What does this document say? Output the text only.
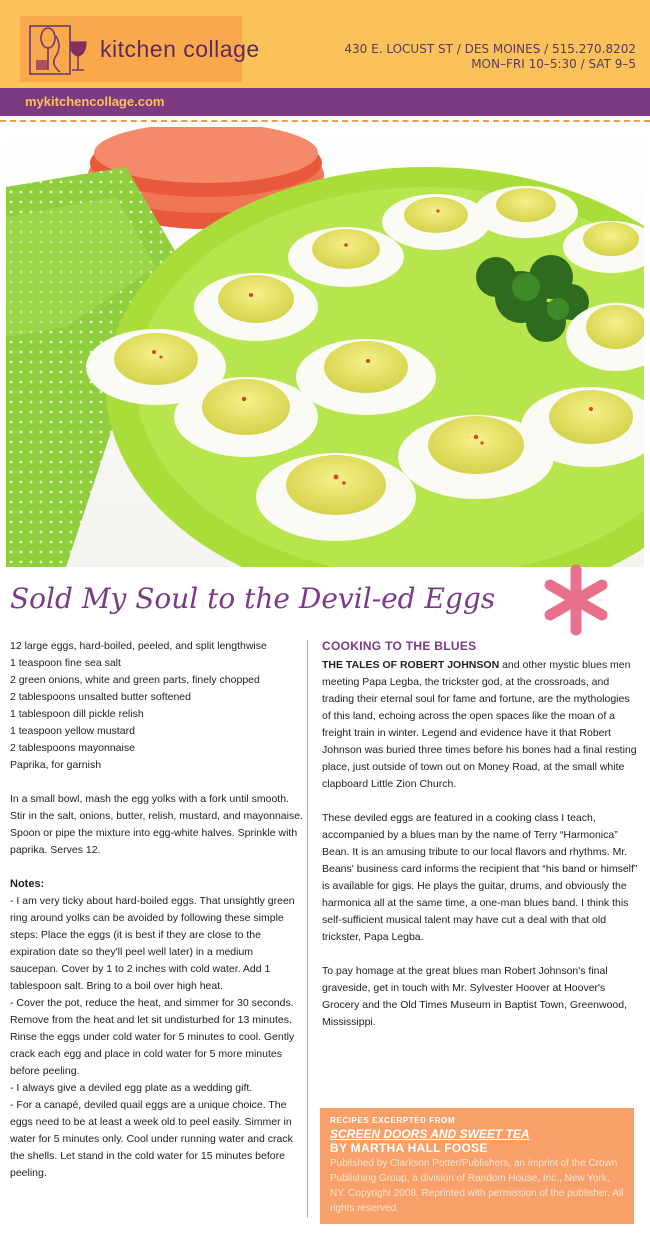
kitchen collage	430 E. LOCUST ST / DES MOINES / 515.270.8202
MON–FRI 10–5:30 / SAT 9–5
mykitchencollage.com
Sold My Soul to the Devil-ed Eggs

12 large eggs, hard-boiled, peeled, and split lengthwise

1 teaspoon fine sea salt

2 green onions, white and green parts, finely chopped

2 tablespoons unsalted butter softened

1 tablespoon dill pickle relish

1 teaspoon yellow mustard

2 tablespoons mayonnaise

Paprika, for garnish

In a small bowl, mash the egg yolks with a fork until smooth. Stir in the salt, onions, butter, relish, mustard, and mayonnaise. Spoon or pipe the mixture into egg-white halves. Sprinkle with paprika. Serves 12.

Notes:

- I am very ticky about hard-boiled eggs. That unsightly green ring around yolks can be avoided by following these simple steps: Place the eggs (it is best if they are close to the expiration date so they'll peel well later) in a medium saucepan. Cover by 1 to 2 inches with cold water. Add 1 tablespoon salt. Bring to a boil over high heat.

- Cover the pot, reduce the heat, and simmer for 30 seconds. Remove from the heat and let sit undisturbed for 13 minutes. Rinse the eggs under cold water for 5 minutes to cool. Gently crack each egg and place in cold water for 5 more minutes before peeling.

- I always give a deviled egg plate as a wedding gift.

- For a canapé, deviled quail eggs are a unique choice. The eggs need to be at least a week old to peel easily. Simmer in water for 5 minutes only. Cool under running water and crack the shells. Let stand in the cold water for 15 minutes before peeling.

COOKING TO THE BLUES

THE TALES OF ROBERT JOHNSON and other mystic blues men meeting Papa Legba, the trickster god, at the crossroads, and trading their eternal soul for fame and fortune, are the mythologies of this land, echoing across the open spaces like the moan of a freight train in winter. Legend and evidence have it that Robert Johnson was buried three times before his bones had a final resting place, just outside of town out on Money Road, at the small white clapboard Little Zion Church.

These deviled eggs are featured in a cooking class I teach, accompanied by a blues man by the name of Terry “Harmonica” Bean. It is an amusing tribute to our local flavors and rhythms. Mr. Beans' business card informs the recipient that “his band or himself” is available for gigs. He plays the guitar, drums, and obviously the harmonica all at the same time, a one-man blues band. I think this self-sufficient musical talent may have cut a deal with that old trickster, Papa Legba.

To pay homage at the great blues man Robert Johnson's final graveside, get in touch with Mr. Sylvester Hoover at Hoover's Grocery and the Old Times Museum in Baptist Town, Greenwood, Mississippi.

RECIPES EXCERPTED FROM
SCREEN DOORS AND SWEET TEA
BY MARTHA HALL FOOSE
Published by Clarkson Potter/Publishers, an imprint of the Crown Publishing Group, a division of Random House, Inc., New York, NY. Copyright 2008. Reprinted with permission of the publisher. All rights reserved.
